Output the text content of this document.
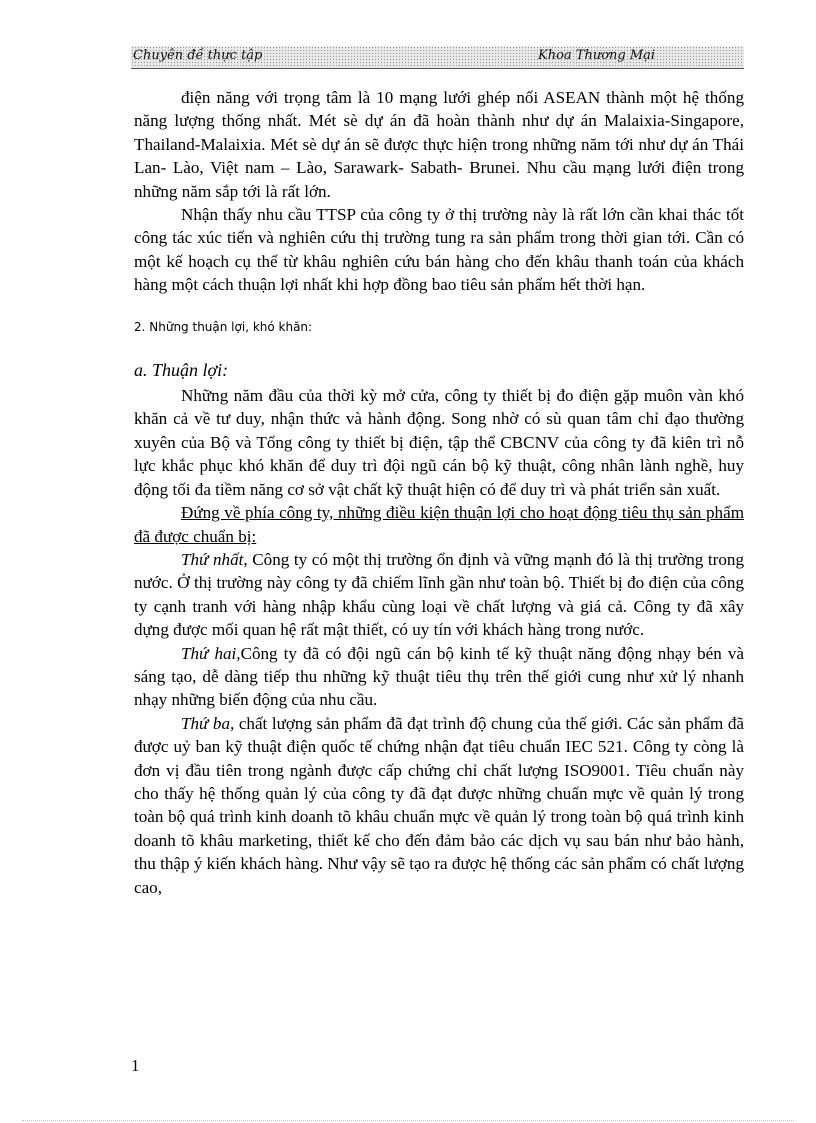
Chuyên đề thực tập	Khoa Thương Mại

điện năng với trọng tâm là 10 mạng lưới ghép nối ASEAN thành một hệ thống năng lượng thống nhất. Mét sè dự án đã hoàn thành như dự án Malaixia-Singapore, Thailand-Malaixia. Mét sè dự án sẽ được thực hiện trong những năm tới như dự án Thái Lan- Lào, Việt nam – Lào, Sarawark- Sabath- Brunei. Nhu cầu mạng lưới điện trong những năm sắp tới là rất lớn.

Nhận thấy nhu cầu TTSP của công ty ở thị trường này là rất lớn cần khai thác tốt công tác xúc tiến và nghiên cứu thị trường tung ra sản phẩm trong thời gian tới. Cần có một kế hoạch cụ thể từ khâu nghiên cứu bán hàng cho đến khâu thanh toán của khách hàng một cách thuận lợi nhất khi hợp đồng bao tiêu sản phẩm hết thời hạn.

2. Những thuận lợi, khó khăn:

a. Thuận lợi:

Những năm đầu của thời kỳ mở cửa, công ty thiết bị đo điện gặp muôn vàn khó khăn cả về tư duy, nhận thức và hành động. Song nhờ có sù quan tâm chỉ đạo thường xuyên của Bộ và Tổng công ty thiết bị điện, tập thể CBCNV của công ty đã kiên trì nỗ lực khắc phục khó khăn để duy trì đội ngũ cán bộ kỹ thuật, công nhân lành nghề, huy động tối đa tiềm năng cơ sở vật chất kỹ thuật hiện có để duy trì và phát triển sản xuất.

Đứng về phía công ty, những điều kiện thuận lợi cho hoạt động tiêu thụ sản phẩm đã được chuẩn bị:

Thứ nhất, Công ty có một thị trường ổn định và vững mạnh đó là thị trường trong nước. Ở thị trường này công ty đã chiếm lĩnh gần như toàn bộ. Thiết bị đo điện của công ty cạnh tranh với hàng nhập khẩu cùng loại về chất lượng và giá cả. Công ty đã xây dựng được mối quan hệ rất mật thiết, có uy tín với khách hàng trong nước.

Thứ hai,Công ty đã có đội ngũ cán bộ kinh tế kỹ thuật năng động nhạy bén và sáng tạo, dễ dàng tiếp thu những kỹ thuật tiêu thụ trên thế giới cung như xử lý nhanh nhạy những biến động của nhu cầu.

Thứ ba, chất lượng sản phẩm đã đạt trình độ chung của thế giới. Các sản phẩm đã được uỷ ban kỹ thuật điện quốc tế chứng nhận đạt tiêu chuẩn IEC 521. Công ty còng là đơn vị đầu tiên trong ngành được cấp chứng chỉ chất lượng ISO9001. Tiêu chuẩn này cho thấy hệ thống quản lý của công ty đã đạt được những chuẩn mực về quản lý trong toàn bộ quá trình kinh doanh tõ khâu chuẩn mực về quản lý trong toàn bộ quá trình kinh doanh tõ khâu marketing, thiết kế cho đến đảm bảo các dịch vụ sau bán như bảo hành, thu thập ý kiến khách hàng. Như vậy sẽ tạo ra được hệ thống các sản phẩm có chất lượng cao,

1
